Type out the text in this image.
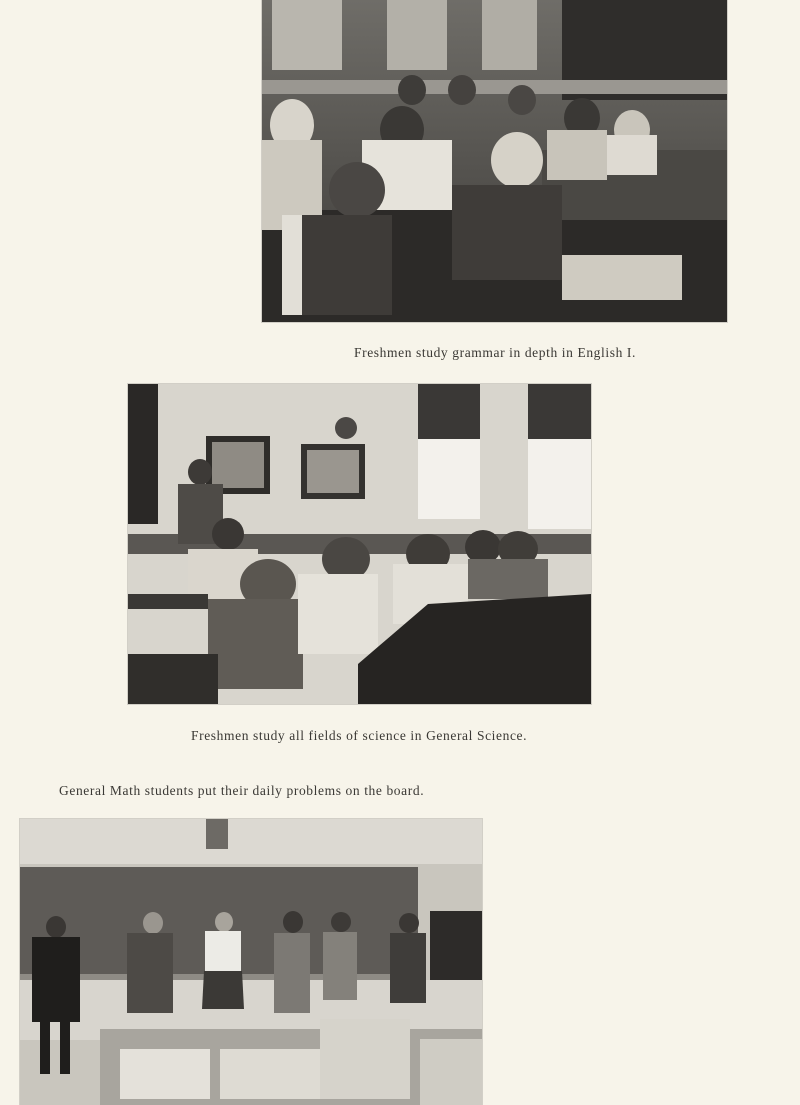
Freshmen study grammar in depth in English I.
Freshmen study all fields of science in General Science.
General Math students put their daily problems on the board.
